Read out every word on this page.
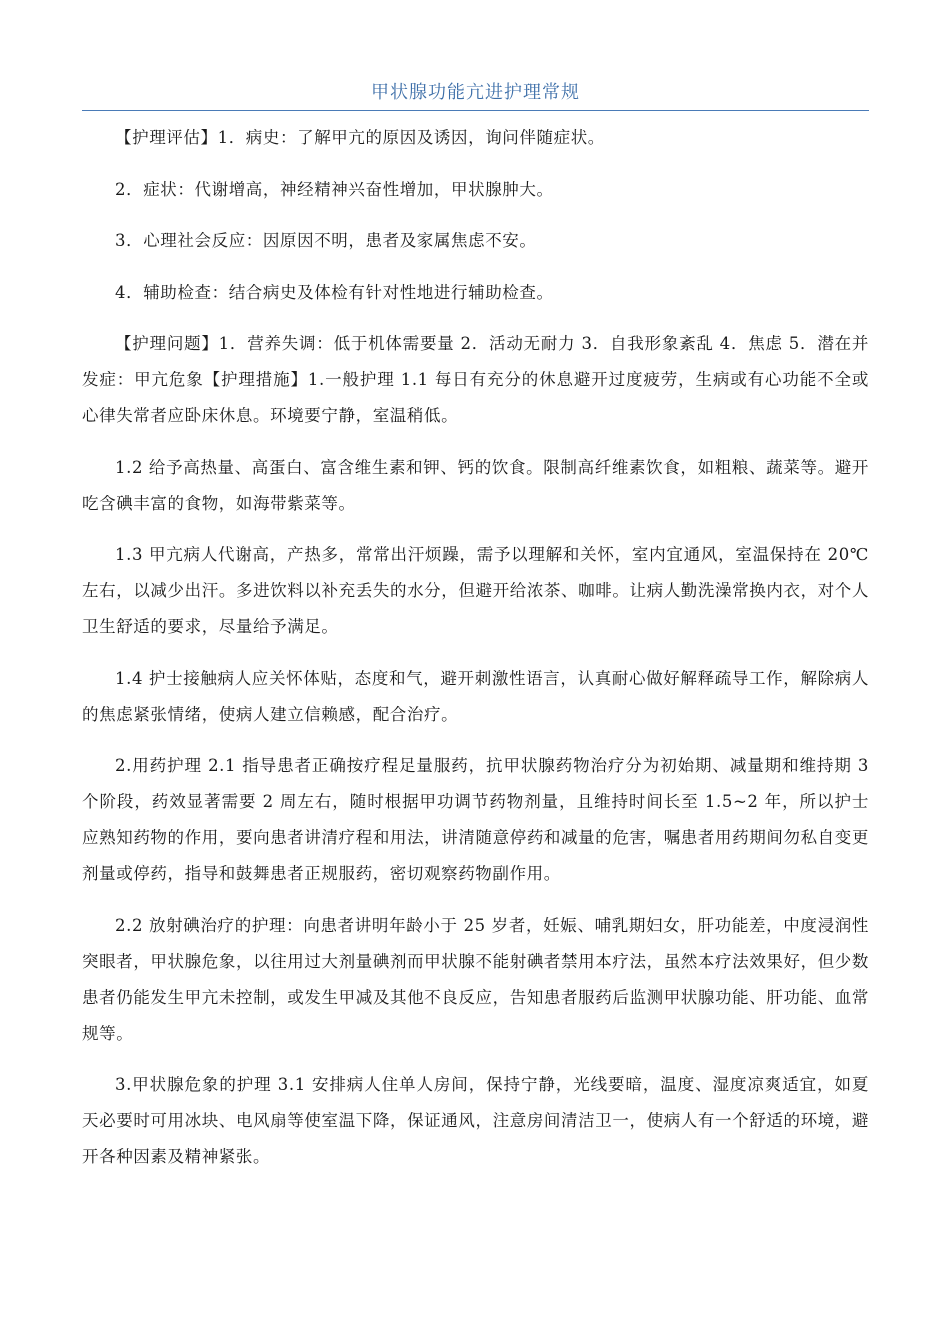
甲状腺功能亢进护理常规

【护理评估】1．病史：了解甲亢的原因及诱因，询问伴随症状。

2．症状：代谢增高，神经精神兴奋性增加，甲状腺肿大。

3．心理社会反应：因原因不明，患者及家属焦虑不安。

4．辅助检查：结合病史及体检有针对性地进行辅助检查。

【护理问题】1．营养失调：低于机体需要量 2．活动无耐力 3．自我形象紊乱 4．焦虑 5．潜在并发症：甲亢危象【护理措施】1.一般护理 1.1 每日有充分的休息避开过度疲劳，生病或有心功能不全或心律失常者应卧床休息。环境要宁静，室温稍低。

1.2 给予高热量、高蛋白、富含维生素和钾、钙的饮食。限制高纤维素饮食，如粗粮、蔬菜等。避开吃含碘丰富的食物，如海带紫菜等。

1.3 甲亢病人代谢高，产热多，常常出汗烦躁，需予以理解和关怀，室内宜通风，室温保持在 20℃左右，以减少出汗。多进饮料以补充丢失的水分，但避开给浓茶、咖啡。让病人勤洗澡常换内衣，对个人卫生舒适的要求，尽量给予满足。

1.4 护士接触病人应关怀体贴，态度和气，避开刺激性语言，认真耐心做好解释疏导工作，解除病人的焦虑紧张情绪，使病人建立信赖感，配合治疗。

2.用药护理 2.1 指导患者正确按疗程足量服药，抗甲状腺药物治疗分为初始期、减量期和维持期 3 个阶段，药效显著需要 2 周左右，随时根据甲功调节药物剂量，且维持时间长至 1.5~2 年，所以护士应熟知药物的作用，要向患者讲清疗程和用法，讲清随意停药和减量的危害，嘱患者用药期间勿私自变更剂量或停药，指导和鼓舞患者正规服药，密切观察药物副作用。

2.2 放射碘治疗的护理：向患者讲明年龄小于 25 岁者，妊娠、哺乳期妇女，肝功能差，中度浸润性突眼者，甲状腺危象，以往用过大剂量碘剂而甲状腺不能射碘者禁用本疗法，虽然本疗法效果好，但少数患者仍能发生甲亢未控制，或发生甲减及其他不良反应，告知患者服药后监测甲状腺功能、肝功能、血常规等。

3.甲状腺危象的护理 3.1 安排病人住单人房间，保持宁静，光线要暗，温度、湿度凉爽适宜，如夏天必要时可用冰块、电风扇等使室温下降，保证通风，注意房间清洁卫一，使病人有一个舒适的环境，避开各种因素及精神紧张。
